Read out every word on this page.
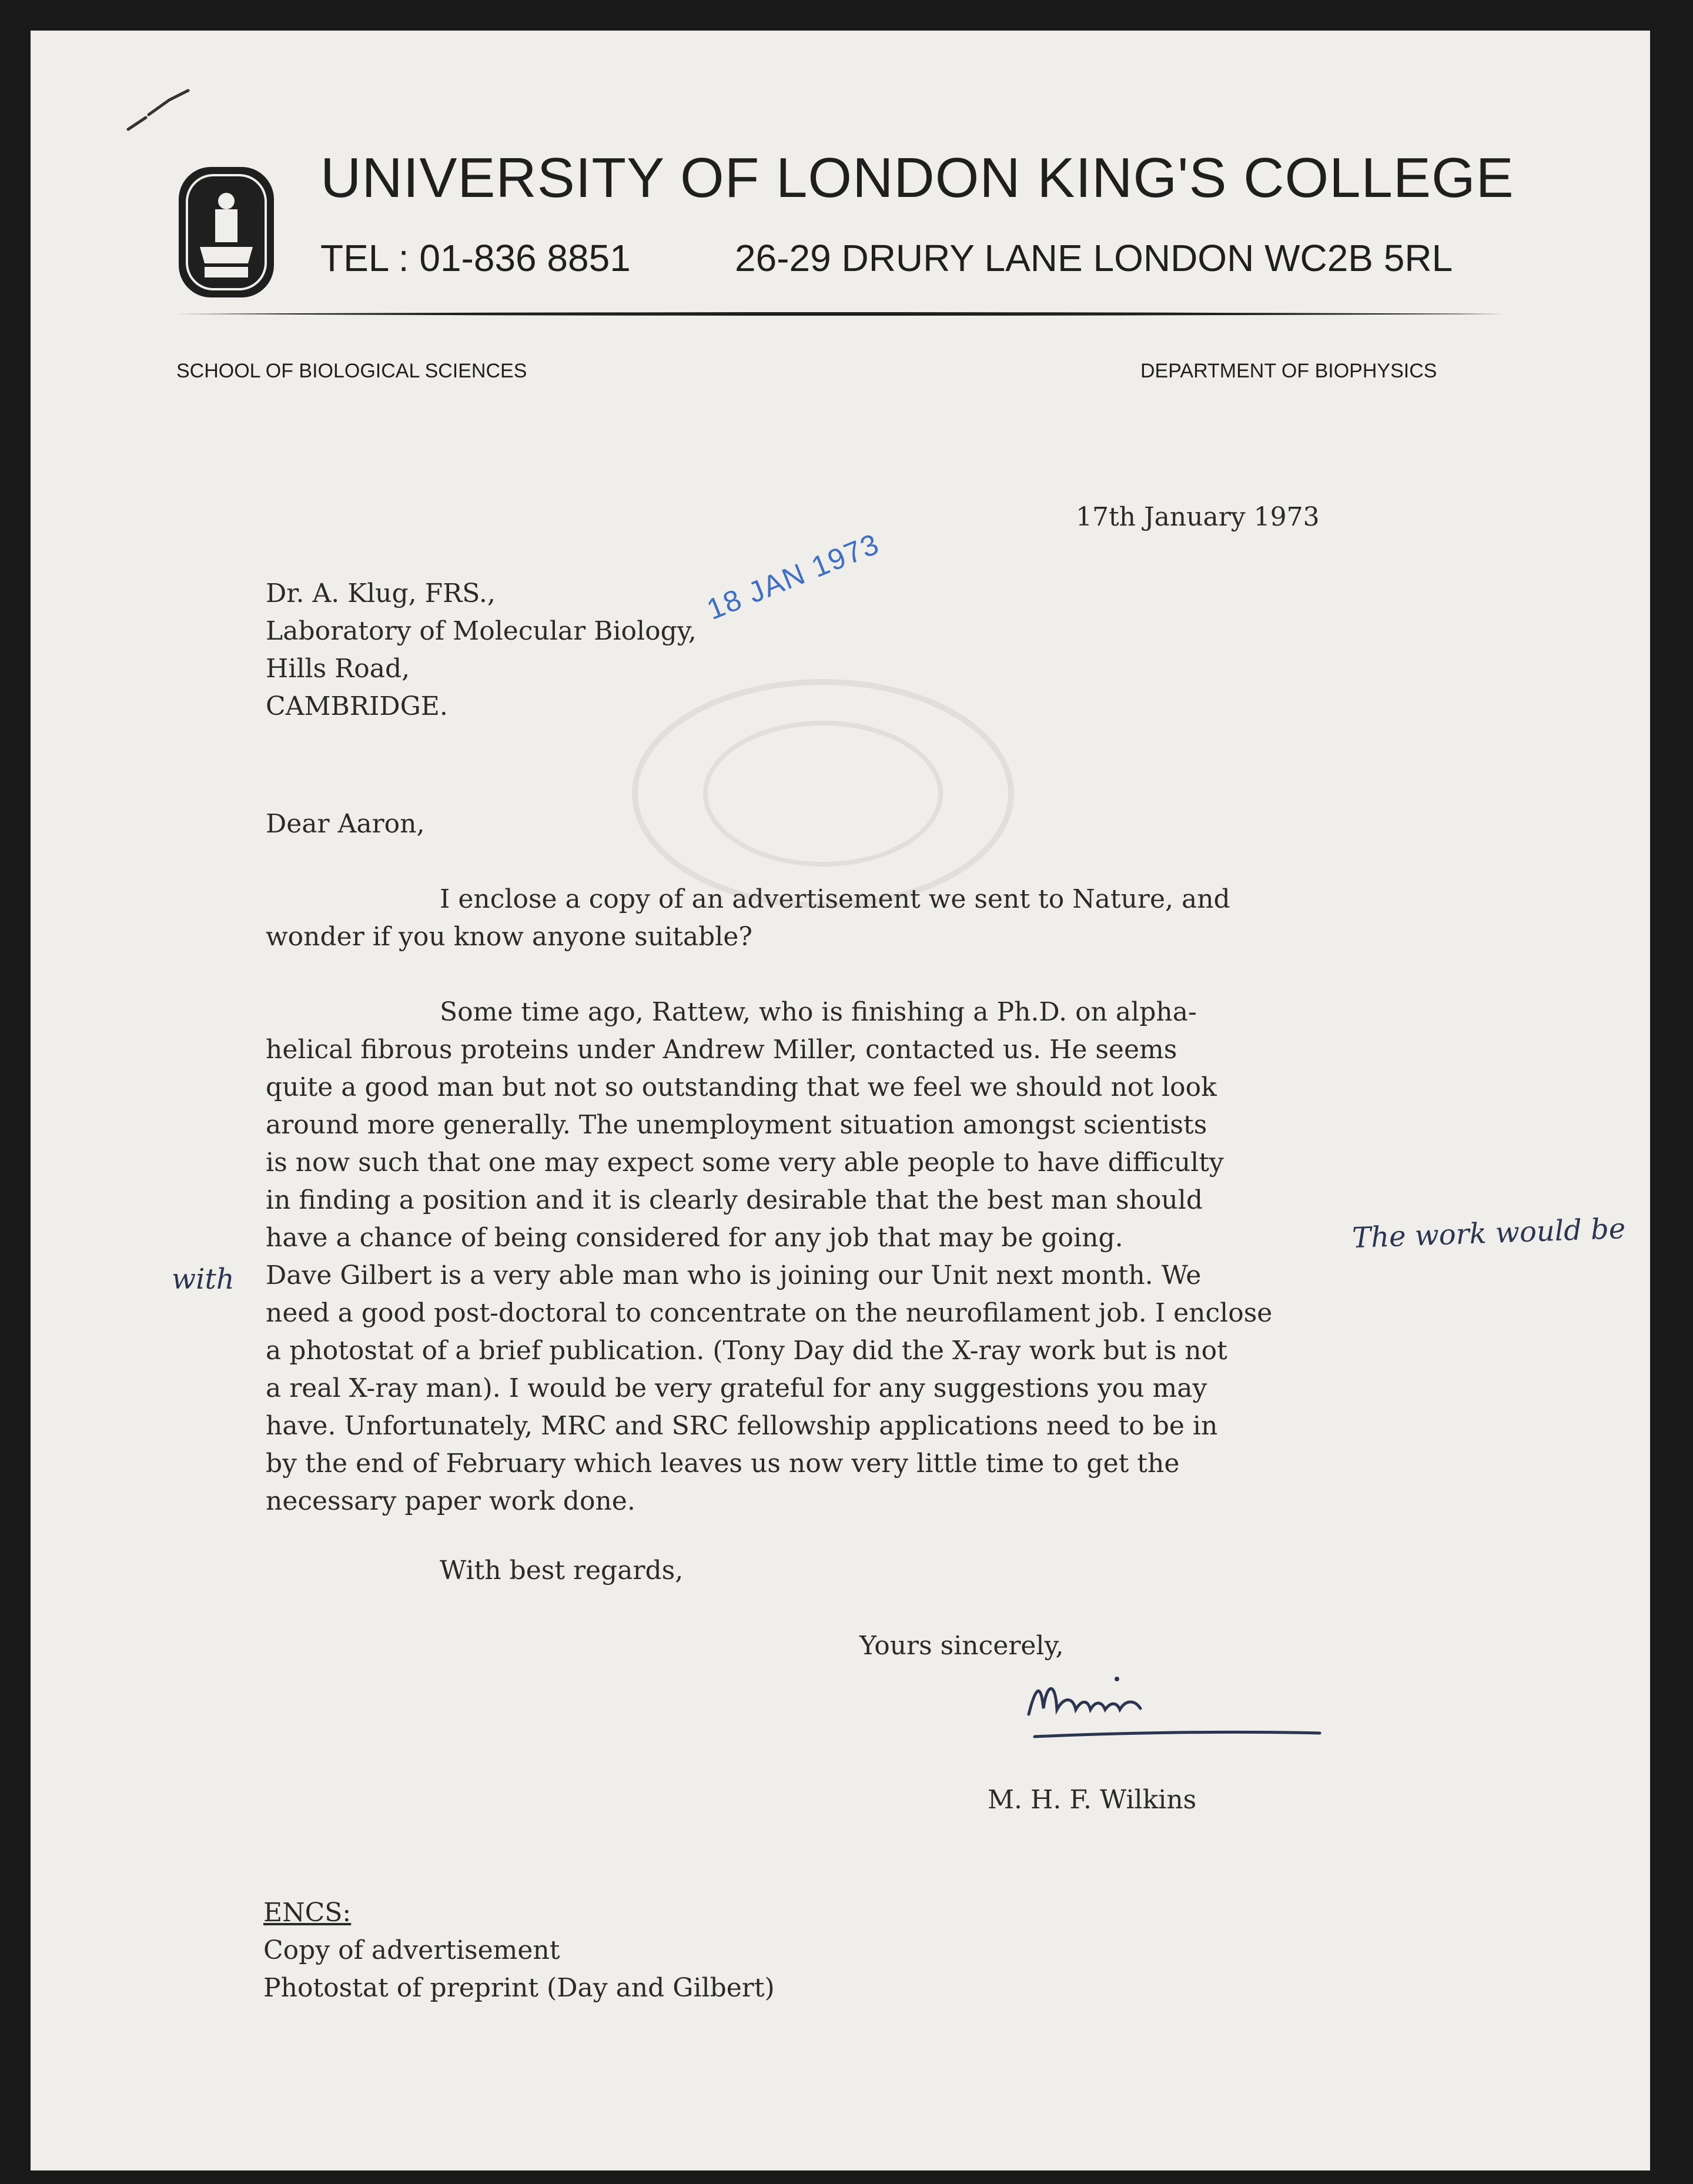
UNIVERSITY OF LONDON KING'S COLLEGE
TEL : 01-836 8851	26-29 DRURY LANE LONDON WC2B 5RL
SCHOOL OF BIOLOGICAL SCIENCES	DEPARTMENT OF BIOPHYSICS
17th January 1973
18 JAN 1973
Dr. A. Klug, FRS.,
Laboratory of Molecular Biology,
Hills Road,
CAMBRIDGE.
Dear Aaron,
I enclose a copy of an advertisement we sent to Nature, and
wonder if you know anyone suitable?
Some time ago, Rattew, who is finishing a Ph.D. on alpha-
helical fibrous proteins under Andrew Miller, contacted us. He seems
quite a good man but not so outstanding that we feel we should not look
around more generally. The unemployment situation amongst scientists
is now such that one may expect some very able people to have difficulty
in finding a position and it is clearly desirable that the best man should
have a chance of being considered for any job that may be going.
Dave Gilbert is a very able man who is joining our Unit next month. We
need a good post-doctoral to concentrate on the neurofilament job. I enclose
a photostat of a brief publication. (Tony Day did the X-ray work but is not
a real X-ray man). I would be very grateful for any suggestions you may
have. Unfortunately, MRC and SRC fellowship applications need to be in
by the end of February which leaves us now very little time to get the
necessary paper work done.
The work would be
with
With best regards,
Yours sincerely,
M. H. F. Wilkins
ENCS:
Copy of advertisement
Photostat of preprint (Day and Gilbert)
